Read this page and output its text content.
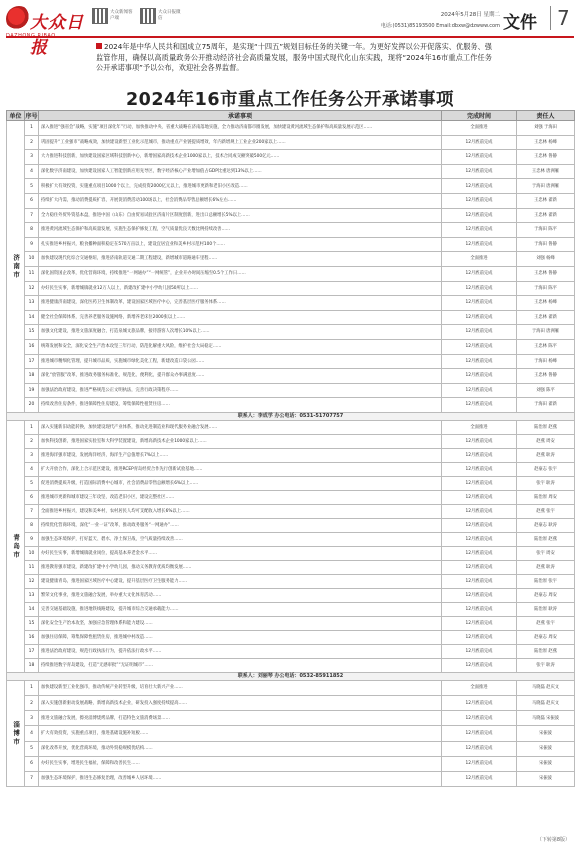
大众日报
大众新闻客户端
大众日报微信
2024年5月28日 星期二
电话:(0531)85193500 Email:dbxw@dzwww.com 文件	7
2024年是中华人民共和国成立75周年，是实现“十四五”规划目标任务的关键一年。为更好发挥以公开促落实、优服务、强监管作用，确保以高质量政务公开推动经济社会高质量发展，服务中国式现代化山东实践，现将“2024年16市重点工作任务公开承诺事项”予以公布，欢迎社会各界监督。
2024年16市重点工作任务公开承诺事项
单位	序号	承诺事项	完成时间	责任人
济南市	1	深入推进“强省会”战略，实施“项目深化年”行动，加快推动中央、省重大战略在济南落地实施，全力推动济南都市圈发展，加快建设黄河流域生态保护和高质量发展示范区……	全面推进	刘强 于海田
	2	巩固提升“工业强市”战略成效，加快建设新型工业化示范城市，推动重点产业链提质增效，年内新增规上工业企业200家以上……	12月底前完成	王忠林 杨峰
	3	大力推进科技创新，加快建设国家区域科技创新中心，新增国家高新技术企业1000家以上，技术合同成交额突破500亿元……	12月底前完成	王忠林 鲁静
	4	深化数字济南建设，加快建设国家人工智能创新应用先导区，数字经济核心产业增加值占GDP比重达到13%以上……	12月底前完成	王忠林 唐洲雁
	5	积极扩大有效投资，实施重点项目1000个以上，完成投资2000亿元以上，推进城市更新和老旧小区改造……	12月底前完成	于海田 唐洲雁
	6	持续扩大内需，推动消费提质扩容，开展促消费活动100场以上，社会消费品零售总额增长6%左右……	12月底前完成	王忠林 翟新
	7	全力稳住外贸外资基本盘，推进中国（山东）自由贸易试验区济南片区制度创新，进出口总额增长5%以上……	12月底前完成	王忠林 翟新
	8	推进黄河流域生态保护和高质量发展，实施生态保护修复工程，空气质量优良天数比例持续改善……	12月底前完成	于海田 陈平
	9	扎实推进乡村振兴，粮食播种面积稳定在570万亩以上，建设宜居宜业和美乡村示范村100个……	12月底前完成	于海田 鲁静
	10	加快建设现代化综合交通枢纽，推进济南轨道交通二期工程建设，新增城市道路通车里程……	全面推进	刘强 杨峰
	11	深化国资国企改革，优化营商环境，持续推进“一网通办”“一网统管”，企业开办时间压缩至0.5个工作日……	12月底前完成	王忠林 鲁静
	12	办好民生实事，新增城镇就业12万人以上，新建改扩建中小学幼儿园50所以上……	12月底前完成	于海田 陈平
	13	推进健康济南建设，深化医药卫生体制改革，建设国家区域医疗中心，完善基层医疗服务体系……	12月底前完成	王忠林 杨峰
	14	健全社会保障体系，完善养老服务设施网络，新增养老床位2000张以上……	12月底前完成	王忠林 翟新
	15	加强文化建设，推进文旅深度融合，打造泉城文旅品牌，接待游客人次增长10%以上……	12月底前完成	于海田 唐洲雁
	16	统筹发展和安全，深化安全生产治本攻坚三年行动，防范化解重大风险，维护社会大局稳定……	12月底前完成	王忠林 陈平
	17	推进城市精细化管理，提升城市品质，实施城市绿化美化工程，新建改造口袋公园……	12月底前完成	于海田 杨峰
	18	深化“放管服”改革，推进政务服务标准化、规范化、便利化，提升群众办事满意度……	12月底前完成	王忠林 鲁静
	19	加强法治政府建设，推进严格规范公正文明执法，完善行政决策程序……	12月底前完成	刘强 陈平
	20	持续改善住房条件，推进保障性住房建设，筹集保障性租赁住房……	12月底前完成	于海田 翟新
联系人：李成学 办公电话：0531-51707757				
青岛市	1	深入实施新旧动能转换，加快建设现代产业体系，推动先进制造业和现代服务业融合发展……	全面推进	陆治原 赵燕
	2	加快科技创新，推进国家实验室和大科学装置建设，新增高新技术企业1000家以上……	12月底前完成	赵燕 周安
	3	推进海洋强市建设，发展海洋经济，海洋生产总值增长7%以上……	12月底前完成	赵燕 耿涛
	4	扩大开放合作，深化上合示范区建设，推进RCEP青岛经贸合作先行创新试验基地……	12月底前完成	赵豪志 张宇
	5	促进消费提质升级，打造国际消费中心城市，社会消费品零售总额增长6%以上……	12月底前完成	张宇 耿涛
	6	推进城市更新和城市建设三年攻坚，改造老旧小区，建设完整社区……	12月底前完成	陆治原 周安
	7	全面推进乡村振兴，建设和美乡村，农村居民人均可支配收入增长6%以上……	12月底前完成	赵燕 张宇
	8	持续优化营商环境，深化“一业一证”改革，推动政务服务“一网通办”……	12月底前完成	赵豪志 耿涛
	9	加强生态环境保护，打好蓝天、碧水、净土保卫战，空气质量持续改善……	12月底前完成	陆治原 赵燕
	10	办好民生实事，新增城镇就业岗位，提高基本养老金水平……	12月底前完成	张宇 周安
	11	推进教育强市建设，新建改扩建中小学幼儿园，推动义务教育优质均衡发展……	12月底前完成	赵燕 耿涛
	12	建设健康青岛，推进国家区域医疗中心建设，提升基层医疗卫生服务能力……	12月底前完成	陆治原 张宇
	13	繁荣文化事业，推进文旅融合发展，举办重大文化体育活动……	12月底前完成	赵豪志 周安
	14	完善交通基础设施，推进地铁线路建设，提升城市综合交通承载能力……	12月底前完成	陆治原 耿涛
	15	深化安全生产治本攻坚，加强应急管理体系和能力建设……	12月底前完成	赵燕 张宇
	16	加强住房保障，筹集保障性租赁住房，推进城中村改造……	12月底前完成	赵豪志 周安
	17	推进法治政府建设，规范行政执法行为，提升依法行政水平……	12月底前完成	陆治原 赵燕
	18	持续推进数字青岛建设，打造“无感审批”“无证明城市”……	12月底前完成	张宇 耿涛
联系人：刘丽琴 办公电话：0532-85911852				
淄博市	1	加快建设新型工业化强市，推动传统产业转型升级，培育壮大新兴产业……	全面推进	马晓磊 赵庆文
	2	深入实施创新驱动发展战略，新增高新技术企业，研发投入强度持续提高……	12月底前完成	马晓磊 赵庆文
	3	推进文旅融合发展，擦亮淄博烧烤品牌，打造特色文旅消费场景……	12月底前完成	马晓磊 宋振波
	4	扩大有效投资，实施重点项目，推进基础设施补短板……	12月底前完成	宋振波
	5	深化改革开放，优化营商环境，推动外贸稳规模优结构……	12月底前完成	宋振波
	6	办好民生实事，增进民生福祉，保障和改善民生……	12月底前完成	宋振波
	7	加强生态环境保护，推进生态修复治理，改善城乡人居环境……	12月底前完成	宋振波
（下转第8版）
